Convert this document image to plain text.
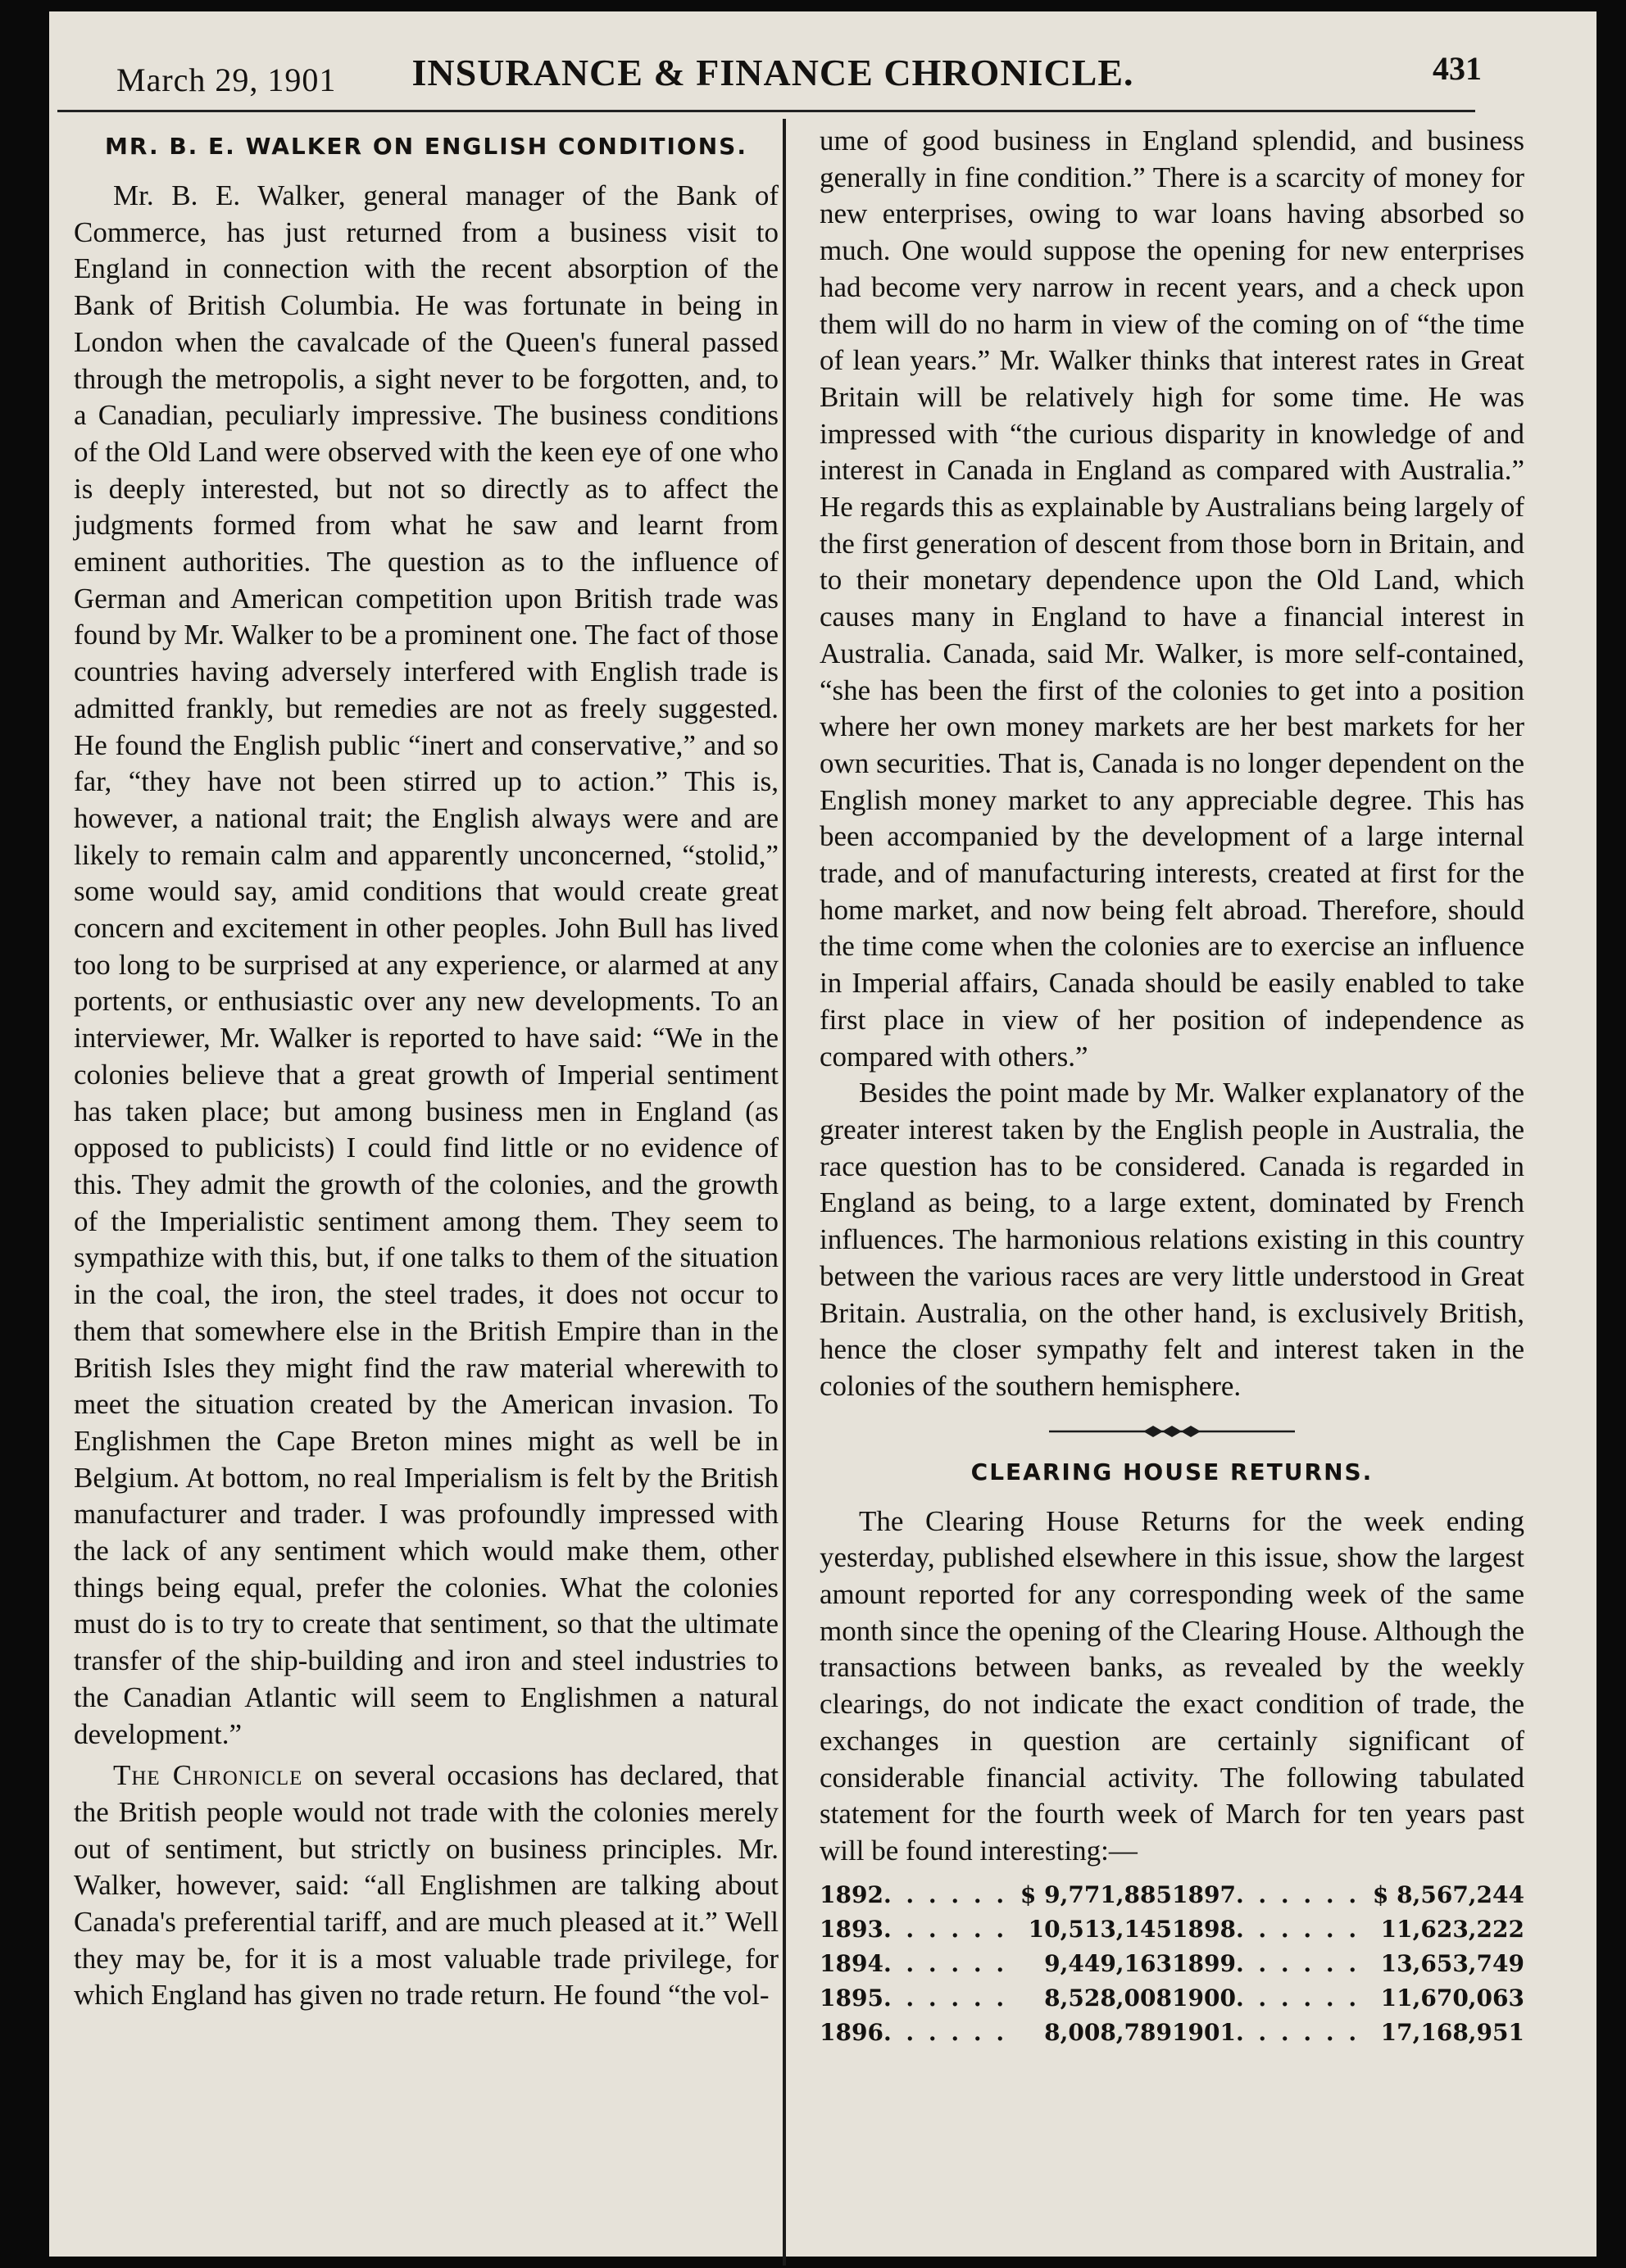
March 29, 1901	INSURANCE & FINANCE CHRONICLE.	431
MR. B. E. WALKER ON ENGLISH CONDITIONS.

Mr. B. E. Walker, general manager of the Bank of Commerce, has just returned from a business visit to England in connection with the recent absorption of the Bank of British Columbia. He was fortunate in being in London when the cavalcade of the Queen's funeral passed through the metropolis, a sight never to be forgotten, and, to a Canadian, peculiarly impressive. The business conditions of the Old Land were observed with the keen eye of one who is deeply interested, but not so directly as to affect the judgments formed from what he saw and learnt from eminent authorities. The question as to the influence of German and American competition upon British trade was found by Mr. Walker to be a prominent one. The fact of those countries having adversely interfered with English trade is admitted frankly, but remedies are not as freely suggested. He found the English public “inert and conservative,” and so far, “they have not been stirred up to action.” This is, however, a national trait; the English always were and are likely to remain calm and apparently unconcerned, “stolid,” some would say, amid conditions that would create great concern and excitement in other peoples. John Bull has lived too long to be surprised at any experience, or alarmed at any portents, or enthusiastic over any new developments. To an interviewer, Mr. Walker is reported to have said: “We in the colonies believe that a great growth of Imperial sentiment has taken place; but among business men in England (as opposed to publicists) I could find little or no evidence of this. They admit the growth of the colonies, and the growth of the Imperialistic sentiment among them. They seem to sympathize with this, but, if one talks to them of the situation in the coal, the iron, the steel trades, it does not occur to them that somewhere else in the British Empire than in the British Isles they might find the raw material wherewith to meet the situation created by the American invasion. To Englishmen the Cape Breton mines might as well be in Belgium. At bottom, no real Imperialism is felt by the British manufacturer and trader. I was profoundly impressed with the lack of any sentiment which would make them, other things being equal, prefer the colonies. What the colonies must do is to try to create that sentiment, so that the ultimate transfer of the ship-building and iron and steel industries to the Canadian Atlantic will seem to Englishmen a natural development.”

The Chronicle on several occasions has declared, that the British people would not trade with the colonies merely out of sentiment, but strictly on business principles. Mr. Walker, however, said: “all Englishmen are talking about Canada's preferential tariff, and are much pleased at it.” Well they may be, for it is a most valuable trade privilege, for which England has given no trade return. He found “the vol-

ume of good business in England splendid, and business generally in fine condition.” There is a scarcity of money for new enterprises, owing to war loans having absorbed so much. One would suppose the opening for new enterprises had become very narrow in recent years, and a check upon them will do no harm in view of the coming on of “the time of lean years.” Mr. Walker thinks that interest rates in Great Britain will be relatively high for some time. He was impressed with “the curious disparity in knowledge of and interest in Canada in England as compared with Australia.” He regards this as explainable by Australians being largely of the first generation of descent from those born in Britain, and to their monetary dependence upon the Old Land, which causes many in England to have a financial interest in Australia. Canada, said Mr. Walker, is more self-contained, “she has been the first of the colonies to get into a position where her own money markets are her best markets for her own securities. That is, Canada is no longer dependent on the English money market to any appreciable degree. This has been accompanied by the development of a large internal trade, and of manufacturing interests, created at first for the home market, and now being felt abroad. Therefore, should the time come when the colonies are to exercise an influence in Imperial affairs, Canada should be easily enabled to take first place in view of her position of independence as compared with others.”

Besides the point made by Mr. Walker explanatory of the greater interest taken by the English people in Australia, the race question has to be considered. Canada is regarded in England as being, to a large extent, dominated by French influences. The harmonious relations existing in this country between the various races are very little understood in Great Britain. Australia, on the other hand, is exclusively British, hence the closer sympathy felt and interest taken in the colonies of the southern hemisphere.

CLEARING HOUSE RETURNS.

The Clearing House Returns for the week ending yesterday, published elsewhere in this issue, show the largest amount reported for any corresponding week of the same month since the opening of the Clearing House. Although the transactions between banks, as revealed by the weekly clearings, do not indicate the exact condition of trade, the exchanges in question are certainly significant of considerable financial activity. The following tabulated statement for the fourth week of March for ten years past will be found interesting:—

1892	. . . . . .	$ 9,771,885	1897	. . . . . .	$ 8,567,244
1893	. . . . . .	10,513,145	1898	. . . . . .	11,623,222
1894	. . . . . .	9,449,163	1899	. . . . . .	13,653,749
1895	. . . . . .	8,528,008	1900	. . . . . .	11,670,063
1896	. . . . . .	8,008,789	1901	. . . . . .	17,168,951
